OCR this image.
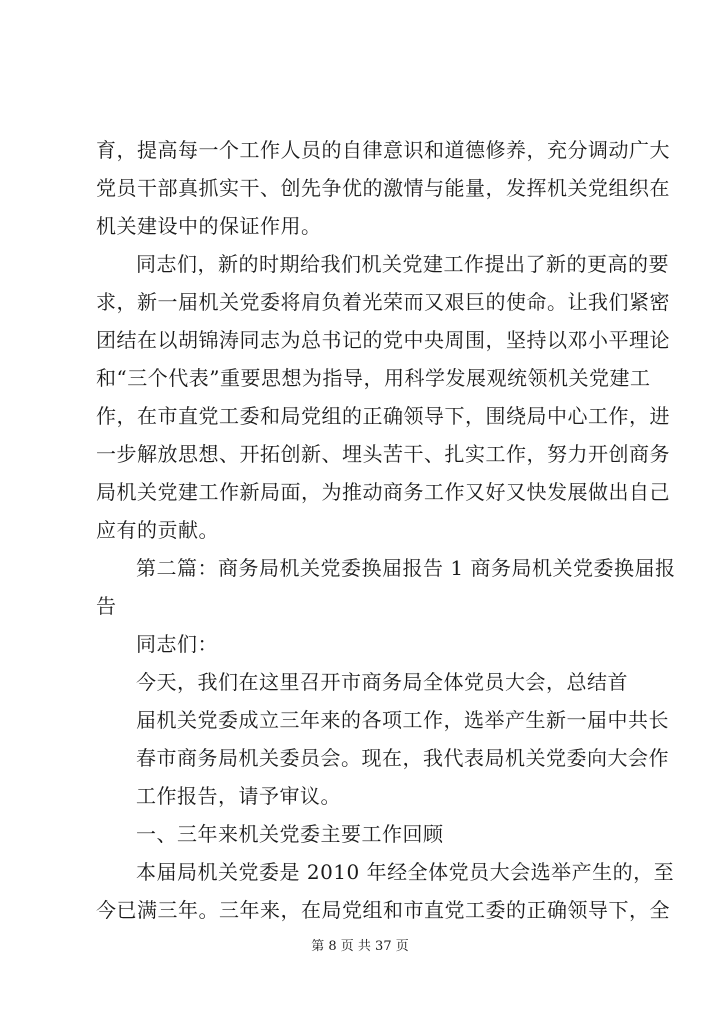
育，提高每一个工作人员的自律意识和道德修养，充分调动广大
党员干部真抓实干、创先争优的激情与能量，发挥机关党组织在
机关建设中的保证作用。
同志们，新的时期给我们机关党建工作提出了新的更高的要
求，新一届机关党委将肩负着光荣而又艰巨的使命。让我们紧密
团结在以胡锦涛同志为总书记的党中央周围，坚持以邓小平理论
和“三个代表”重要思想为指导，用科学发展观统领机关党建工
作，在市直党工委和局党组的正确领导下，围绕局中心工作，进
一步解放思想、开拓创新、埋头苦干、扎实工作，努力开创商务
局机关党建工作新局面，为推动商务工作又好又快发展做出自己
应有的贡献。
第二篇：商务局机关党委换届报告 1 商务局机关党委换届报
告
同志们：
今天，我们在这里召开市商务局全体党员大会，总结首
届机关党委成立三年来的各项工作，选举产生新一届中共长
春市商务局机关委员会。现在，我代表局机关党委向大会作
工作报告，请予审议。
一、三年来机关党委主要工作回顾
本届局机关党委是 2010 年经全体党员大会选举产生的，至
今已满三年。三年来，在局党组和市直党工委的正确领导下，全
第 8 页 共 37 页
